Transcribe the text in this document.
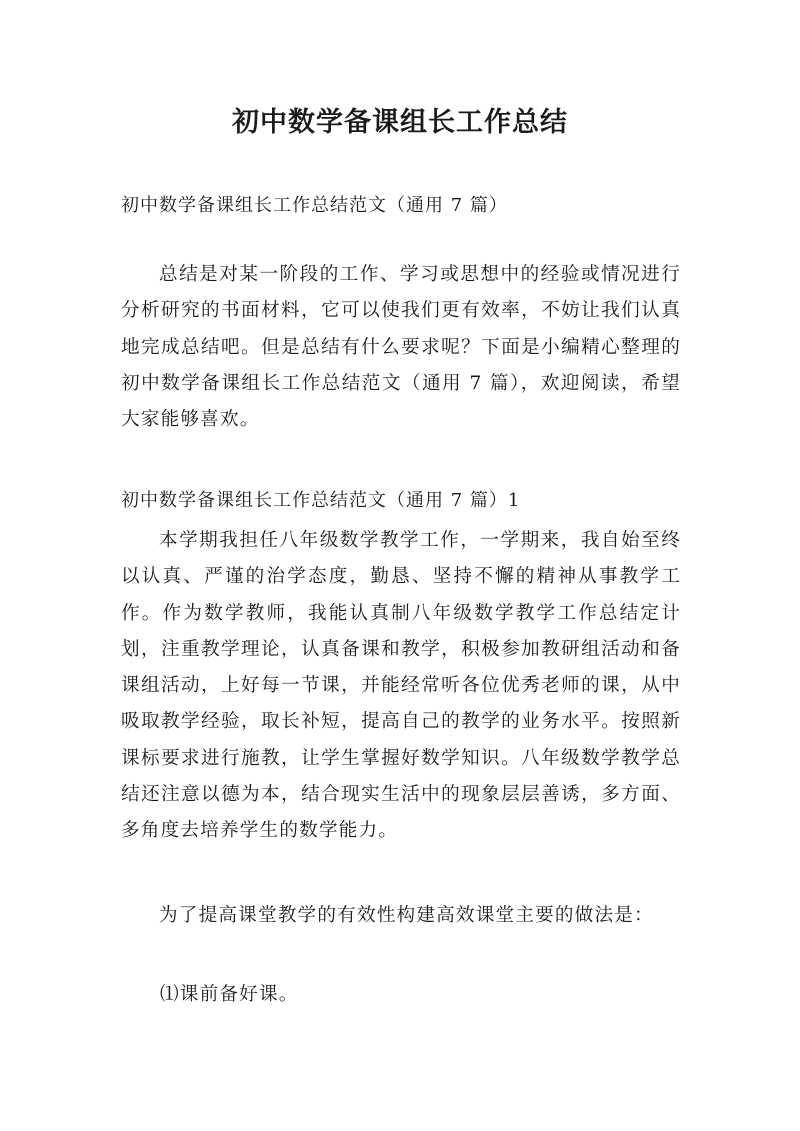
初中数学备课组长工作总结
初中数学备课组长工作总结范文（通用 7 篇）
总结是对某一阶段的工作、学习或思想中的经验或情况进行分析研究的书面材料，它可以使我们更有效率，不妨让我们认真地完成总结吧。但是总结有什么要求呢？下面是小编精心整理的初中数学备课组长工作总结范文（通用 7 篇），欢迎阅读，希望大家能够喜欢。
初中数学备课组长工作总结范文（通用 7 篇）1
本学期我担任八年级数学教学工作，一学期来，我自始至终以认真、严谨的治学态度，勤恳、坚持不懈的精神从事教学工作。作为数学教师，我能认真制八年级数学教学工作总结定计划，注重教学理论，认真备课和教学，积极参加教研组活动和备课组活动，上好每一节课，并能经常听各位优秀老师的课，从中吸取教学经验，取长补短，提高自己的教学的业务水平。按照新课标要求进行施教，让学生掌握好数学知识。八年级数学教学总结还注意以德为本，结合现实生活中的现象层层善诱，多方面、多角度去培养学生的数学能力。
为了提高课堂教学的有效性构建高效课堂主要的做法是：
⑴课前备好课。
